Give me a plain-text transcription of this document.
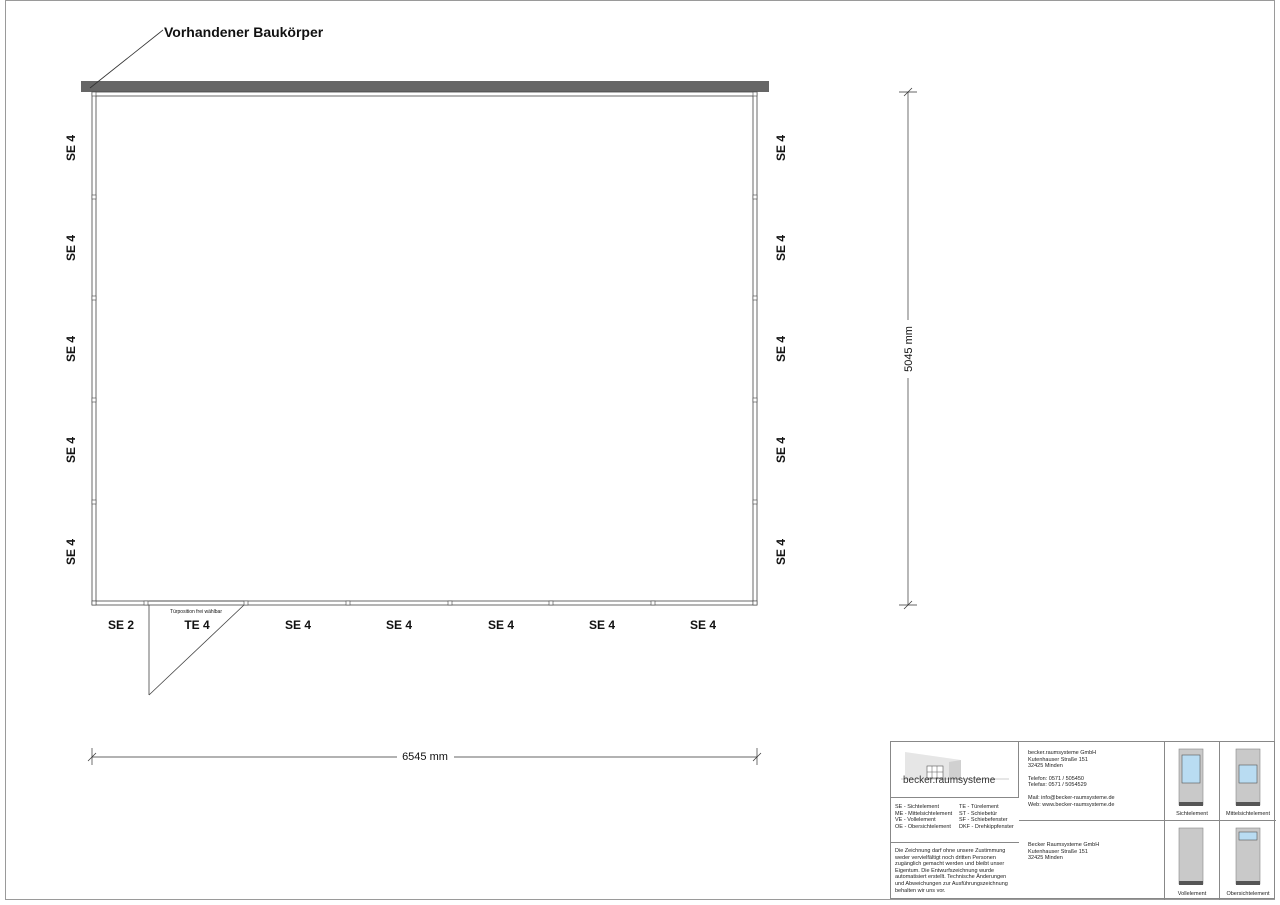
Vorhandener Baukörper
Türposition frei wählbar
SE 4
SE 4
SE 4
SE 4
SE 4
SE 4
SE 4
SE 4
SE 4
SE 4
SE 2	TE 4	SE 4	SE 4	SE 4	SE 4	SE 4
6545 mm
5045 mm
becker.raumsysteme
SE - Sichtelement
ME - Mittelsichtelement
VE - Vollelement
OE - Obersichtelement
TE - Türelement
ST - Schiebetür
SF - Schiebefenster
DKF - Drehkippfenster
Die Zeichnung darf ohne unsere Zustimmung weder vervielfältigt noch dritten Personen zugänglich gemacht werden und bleibt unser Eigentum. Die Entwurfszeichnung wurde automatisiert erstellt. Technische Änderungen und Abweichungen zur Ausführungszeichnung behalten wir uns vor.
becker.raumsysteme GmbH
Kutenhauser Straße 151
32425 Minden
Telefon: 0571 / 505450
Telefax: 0571 / 5054529
Mail: info@becker-raumsysteme.de
Web: www.becker-raumsysteme.de
Becker Raumsysteme GmbH
Kutenhauser Straße 151
32425 Minden
Sichtelement	Mittelsichtelement
Vollelement	Obersichtelement
